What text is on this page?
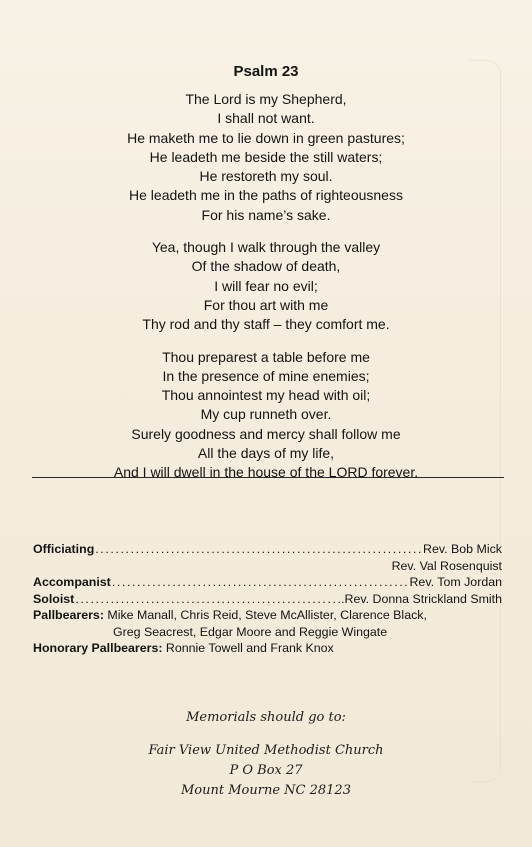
Psalm 23
The Lord is my Shepherd,
I shall not want.
He maketh me to lie down in green pastures;
He leadeth me beside the still waters;
He restoreth my soul.
He leadeth me in the paths of righteousness
For his name’s sake.
Yea, though I walk through the valley
Of the shadow of death,
I will fear no evil;
For thou art with me
Thy rod and thy staff – they comfort me.
Thou preparest a table before me
In the presence of mine enemies;
Thou annointest my head with oil;
My cup runneth over.
Surely goodness and mercy shall follow me
All the days of my life,
And I will dwell in the house of the LORD forever.
Officiating .....	Rev. Bob Mick
Rev. Val Rosenquist
Accompanist .....	Rev. Tom Jordan
Soloist .....	.Rev. Donna Strickland Smith
Pallbearers: Mike Manall, Chris Reid, Steve McAllister, Clarence Black,
Greg Seacrest, Edgar Moore and Reggie Wingate
Honorary Pallbearers: Ronnie Towell and Frank Knox
Memorials should go to:
Fair View United Methodist Church
P O Box 27
Mount Mourne NC 28123
